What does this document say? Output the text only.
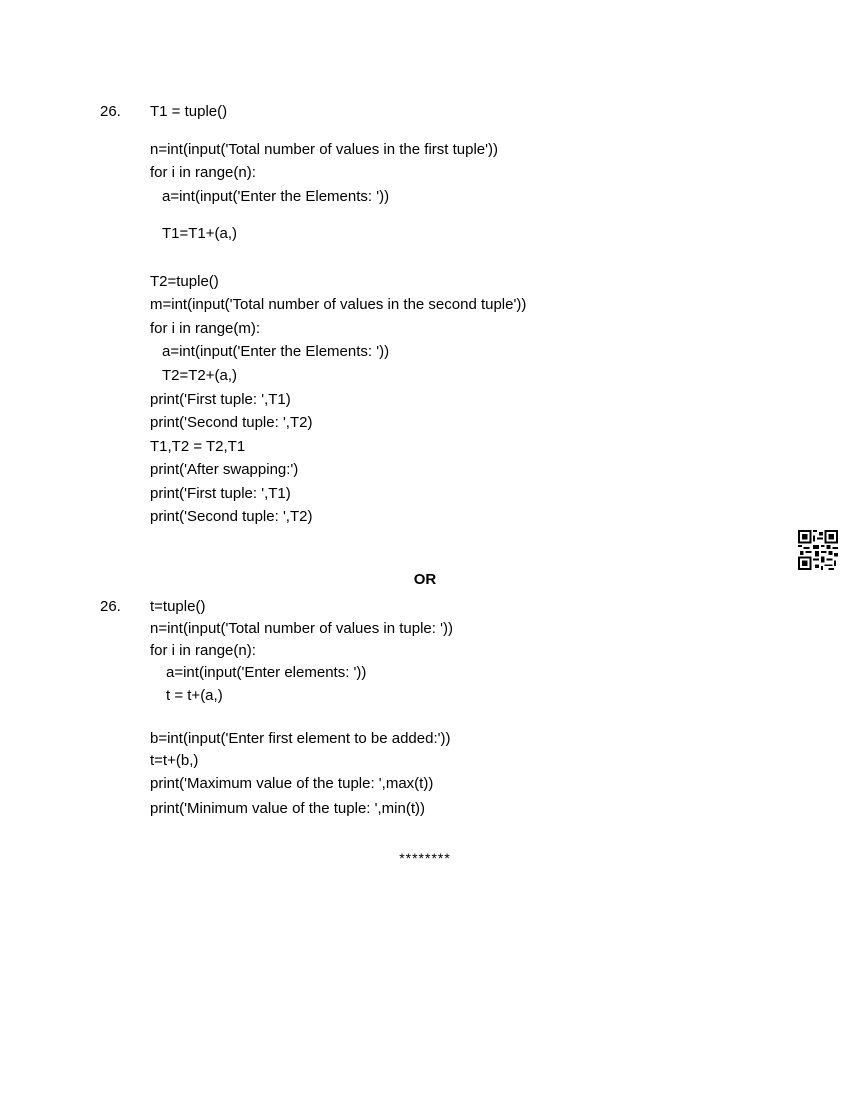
26. T1 = tuple()
n=int(input('Total number of values in the first tuple'))
for i in range(n):
a=int(input('Enter the Elements: '))
T1=T1+(a,)
T2=tuple()
m=int(input('Total number of values in the second tuple'))
for i in range(m):
a=int(input('Enter the Elements: '))
T2=T2+(a,)
print('First tuple: ',T1)
print('Second tuple: ',T2)
T1,T2 = T2,T1
print('After swapping:')
print('First tuple: ',T1)
print('Second tuple: ',T2)
OR
26. t=tuple()
n=int(input('Total number of values in tuple: '))
for i in range(n):
a=int(input('Enter elements: '))
t = t+(a,)
b=int(input('Enter first element to be added:'))
t=t+(b,)
print('Maximum value of the tuple: ',max(t))
print('Minimum value of the tuple: ',min(t))
********
